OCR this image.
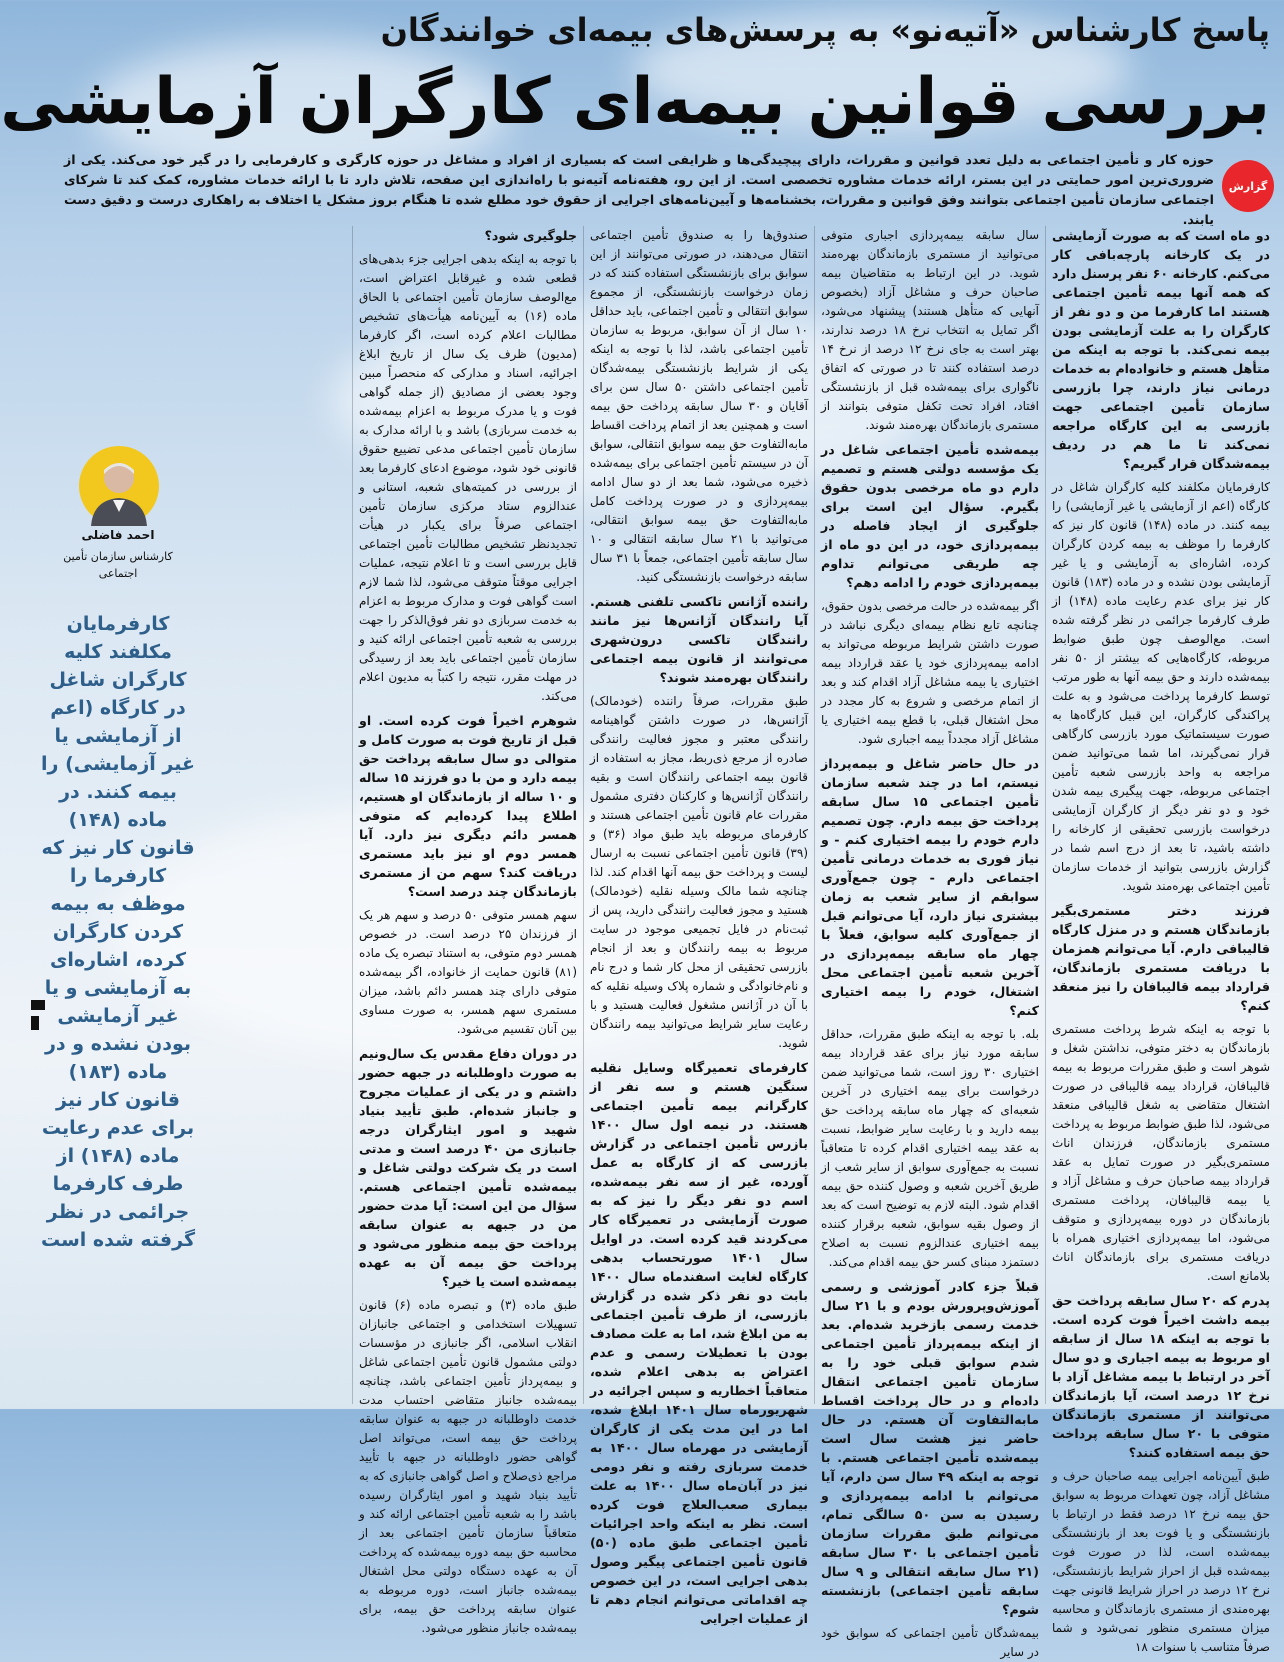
پاسخ کارشناس «آتیه‌نو» به پرسش‌های بیمه‌ای خوانندگان
بررسی قوانین بیمه‌ای کارگران آزمایشی
گزارش
حوزه کار و تأمین اجتماعی به دلیل تعدد قوانین و مقررات، دارای پیچیدگی‌ها و ظرایفی است که بسیاری از افراد و مشاغل در حوزه کارگری و کارفرمایی را در گیر خود می‌کند. یکی از ضروری‌ترین امور حمایتی در این بستر، ارائه خدمات مشاوره تخصصی است. از این رو، هفته‌نامه آتیه‌نو با راه‌اندازی این صفحه، تلاش دارد تا با ارائه خدمات مشاوره، کمک کند تا شرکای اجتماعی سازمان تأمین اجتماعی بتوانند وفق قوانین و مقررات، بخشنامه‌ها و آیین‌نامه‌های اجرایی از حقوق خود مطلع شده تا هنگام بروز مشکل یا اختلاف به راهکاری درست و دقیق دست یابند.

دو ماه است که به صورت آزمایشی در یک کارخانه پارچه‌بافی کار می‌کنم. کارخانه ۶۰ نفر پرسنل دارد که همه آنها بیمه تأمین اجتماعی هستند اما کارفرما من و دو نفر از کارگران را به علت آزمایشی بودن بیمه نمی‌کند. با توجه به اینکه من متأهل هستم و خانواده‌ام به خدمات درمانی نیاز دارند، چرا بازرسی سازمان تأمین اجتماعی جهت بازرسی به این کارگاه مراجعه نمی‌کند تا ما هم در ردیف بیمه‌شدگان قرار گیریم؟

کارفرمایان مکلفند کلیه کارگران شاغل در کارگاه (اعم از آزمایشی یا غیر آزمایشی) را بیمه کنند. در ماده (۱۴۸) قانون کار نیز که کارفرما را موظف به بیمه کردن کارگران کرده، اشاره‌ای به آزمایشی و یا غیر آزمایشی بودن نشده و در ماده (۱۸۳) قانون کار نیز برای عدم رعایت ماده (۱۴۸) از طرف کارفرما جرائمی در نظر گرفته شده است. مع‌الوصف چون طبق ضوابط مربوطه، کارگاه‌هایی که بیشتر از ۵۰ نفر بیمه‌شده دارند و حق بیمه آنها به طور مرتب توسط کارفرما پرداخت می‌شود و به علت پراکندگی کارگران، این قبیل کارگاه‌ها به صورت سیستماتیک مورد بازرسی کارگاهی قرار نمی‌گیرند، اما شما می‌توانید ضمن مراجعه به واحد بازرسی شعبه تأمین اجتماعی مربوطه، جهت پیگیری بیمه شدن خود و دو نفر دیگر از کارگران آزمایشی درخواست بازرسی تحقیقی از کارخانه را داشته باشید، تا بعد از درج اسم شما در گزارش بازرسی بتوانید از خدمات سازمان تأمین اجتماعی بهره‌مند شوید.

فرزند دختر مستمری‌بگیر بازماندگان هستم و در منزل کارگاه قالیبافی دارم. آیا می‌توانم همزمان با دریافت مستمری بازماندگان، قرارداد بیمه قالیبافان را نیز منعقد کنم؟

با توجه به اینکه شرط پرداخت مستمری بازماندگان به دختر متوفی، نداشتن شغل و شوهر است و طبق مقررات مربوط به بیمه قالیبافان، قرارداد بیمه قالیبافی در صورت اشتغال متقاضی به شغل قالیبافی منعقد می‌شود، لذا طبق ضوابط مربوط به پرداخت مستمری بازماندگان، فرزندان اناث مستمری‌بگیر در صورت تمایل به عقد قرارداد بیمه صاحبان حرف و مشاغل آزاد و یا بیمه قالیبافان، پرداخت مستمری بازماندگان در دوره بیمه‌پردازی و متوقف می‌شود، اما بیمه‌پردازی اختیاری همراه با دریافت مستمری برای بازماندگان اناث بلامانع است.

پدرم که ۲۰ سال سابقه پرداخت حق بیمه داشت اخیراً فوت کرده است. با توجه به اینکه ۱۸ سال از سابقه او مربوط به بیمه اجباری و دو سال آخر در ارتباط با بیمه مشاغل آزاد با نرخ ۱۲ درصد است، آیا بازماندگان می‌توانند از مستمری بازماندگان متوفی با ۲۰ سال سابقه پرداخت حق بیمه استفاده کنند؟

طبق آیین‌نامه اجرایی بیمه صاحبان حرف و مشاغل آزاد، چون تعهدات مربوط به سوابق حق بیمه نرخ ۱۲ درصد فقط در ارتباط با بازنشستگی و یا فوت بعد از بازنشستگی بیمه‌شده است، لذا در صورت فوت بیمه‌شده قبل از احراز شرایط بازنشستگی، نرخ ۱۲ درصد در احراز شرایط قانونی جهت بهره‌مندی از مستمری بازماندگان و محاسبه میزان مستمری منظور نمی‌شود و شما صرفاً متناسب با سنوات ۱۸

سال سابقه بیمه‌پردازی اجباری متوفی می‌توانید از مستمری بازماندگان بهره‌مند شوید. در این ارتباط به متقاضیان بیمه صاحبان حرف و مشاغل آزاد (بخصوص آنهایی که متأهل هستند) پیشنهاد می‌شود، اگر تمایل به انتخاب نرخ ۱۸ درصد ندارند، بهتر است به جای نرخ ۱۲ درصد از نرخ ۱۴ درصد استفاده کنند تا در صورتی که اتفاق ناگواری برای بیمه‌شده قبل از بازنشستگی افتاد، افراد تحت تکفل متوفی بتوانند از مستمری بازماندگان بهره‌مند شوند.

بیمه‌شده تأمین اجتماعی شاغل در یک مؤسسه دولتی هستم و تصمیم دارم دو ماه مرخصی بدون حقوق بگیرم. سؤال این است برای جلوگیری از ایجاد فاصله در بیمه‌پردازی خود، در این دو ماه از چه طریقی می‌توانم تداوم بیمه‌پردازی خودم را ادامه دهم؟

اگر بیمه‌شده در حالت مرخصی بدون حقوق، چنانچه تابع نظام بیمه‌ای دیگری نباشد در صورت داشتن شرایط مربوطه می‌تواند به ادامه بیمه‌پردازی خود یا عقد قرارداد بیمه اختیاری یا بیمه مشاغل آزاد اقدام کند و بعد از اتمام مرخصی و شروع به کار مجدد در محل اشتغال قبلی، با قطع بیمه اختیاری یا مشاغل آزاد مجدداً بیمه اجباری شود.

در حال حاضر شاغل و بیمه‌پرداز نیستم، اما در چند شعبه سازمان تأمین اجتماعی ۱۵ سال سابقه پرداخت حق بیمه دارم. چون تصمیم دارم خودم را بیمه اختیاری کنم - و نیاز فوری به خدمات درمانی تأمین اجتماعی دارم - چون جمع‌آوری سوابقم از سایر شعب به زمان بیشتری نیاز دارد، آیا می‌توانم قبل از جمع‌آوری کلیه سوابق، فعلاً با چهار ماه سابقه بیمه‌پردازی در آخرین شعبه تأمین اجتماعی محل اشتغال، خودم را بیمه اختیاری کنم؟

بله. با توجه به اینکه طبق مقررات، حداقل سابقه مورد نیاز برای عقد قرارداد بیمه اختیاری ۳۰ روز است، شما می‌توانید ضمن درخواست برای بیمه اختیاری در آخرین شعبه‌ای که چهار ماه سابقه پرداخت حق بیمه دارید و با رعایت سایر ضوابط، نسبت به عقد بیمه اختیاری اقدام کرده تا متعاقباً نسبت به جمع‌آوری سوابق از سایر شعب از طریق آخرین شعبه و وصول کننده حق بیمه اقدام شود. البته لازم به توضیح است که بعد از وصول بقیه سوابق، شعبه برقرار کننده بیمه اختیاری عندالزوم نسبت به اصلاح دستمزد مبنای کسر حق بیمه اقدام می‌کند.

قبلاً جزء کادر آموزشی و رسمی آموزش‌وپرورش بودم و با ۲۱ سال خدمت رسمی بازخرید شده‌ام. بعد از اینکه بیمه‌پرداز تأمین اجتماعی شدم سوابق قبلی خود را به سازمان تأمین اجتماعی انتقال داده‌ام و در حال پرداخت اقساط مابه‌التفاوت آن هستم. در حال حاضر نیز هشت سال است بیمه‌شده تأمین اجتماعی هستم. با توجه به اینکه ۴۹ سال سن دارم، آیا می‌توانم با ادامه بیمه‌پردازی و رسیدن به سن ۵۰ سالگی تمام، می‌توانم طبق مقررات سازمان تأمین اجتماعی با ۳۰ سال سابقه (۲۱ سال سابقه انتقالی و ۹ سال سابقه تأمین اجتماعی) بازنشسته شوم؟

بیمه‌شدگان تأمین اجتماعی که سوابق خود در سایر

صندوق‌ها را به صندوق تأمین اجتماعی انتقال می‌دهند، در صورتی می‌توانند از این سوابق برای بازنشستگی استفاده کنند که در زمان درخواست بازنشستگی، از مجموع سوابق انتقالی و تأمین اجتماعی، باید حداقل ۱۰ سال از آن سوابق، مربوط به سازمان تأمین اجتماعی باشد، لذا با توجه به اینکه یکی از شرایط بازنشستگی بیمه‌شدگان تأمین اجتماعی داشتن ۵۰ سال سن برای آقایان و ۳۰ سال سابقه پرداخت حق بیمه است و همچنین بعد از اتمام پرداخت اقساط مابه‌التفاوت حق بیمه سوابق انتقالی، سوابق آن در سیستم تأمین اجتماعی برای بیمه‌شده ذخیره می‌شود، شما بعد از دو سال ادامه بیمه‌پردازی و در صورت پرداخت کامل مابه‌التفاوت حق بیمه سوابق انتقالی، می‌توانید با ۲۱ سال سابقه انتقالی و ۱۰ سال سابقه تأمین اجتماعی، جمعاً با ۳۱ سال سابقه درخواست بازنشستگی کنید.

راننده آژانس تاکسی تلفنی هستم. آیا رانندگان آژانس‌ها نیز مانند رانندگان تاکسی درون‌شهری می‌توانند از قانون بیمه اجتماعی رانندگان بهره‌مند شوند؟

طبق مقررات، صرفاً راننده (خودمالک) آژانس‌ها، در صورت داشتن گواهینامه رانندگی معتبر و مجوز فعالیت رانندگی صادره از مرجع ذی‌ربط، مجاز به استفاده از قانون بیمه اجتماعی رانندگان است و بقیه رانندگان آژانس‌ها و کارکنان دفتری مشمول مقررات عام قانون تأمین اجتماعی هستند و کارفرمای مربوطه باید طبق مواد (۳۶) و (۳۹) قانون تأمین اجتماعی نسبت به ارسال لیست و پرداخت حق بیمه آنها اقدام کند. لذا چنانچه شما مالک وسیله نقلیه (خودمالک) هستید و مجوز فعالیت رانندگی دارید، پس از ثبت‌نام در فایل تجمیعی موجود در سایت مربوط به بیمه رانندگان و بعد از انجام بازرسی تحقیقی از محل کار شما و درج نام و نام‌خانوادگی و شماره پلاک وسیله نقلیه که با آن در آژانس مشغول فعالیت هستید و با رعایت سایر شرایط می‌توانید بیمه رانندگان شوید.

کارفرمای تعمیرگاه وسایل نقلیه سنگین هستم و سه نفر از کارگرانم بیمه تأمین اجتماعی هستند. در نیمه اول سال ۱۴۰۰ بازرس تأمین اجتماعی در گزارش بازرسی که از کارگاه به عمل آورده، غیر از سه نفر بیمه‌شده، اسم دو نفر دیگر را نیز که به صورت آزمایشی در تعمیرگاه کار می‌کردند قید کرده است. در اوایل سال ۱۴۰۱ صورتحساب بدهی کارگاه لغایت اسفندماه سال ۱۴۰۰ بابت دو نفر ذکر شده در گزارش بازرسی، از طرف تأمین اجتماعی به من ابلاغ شد، اما به علت مصادف بودن با تعطیلات رسمی و عدم اعتراض به بدهی اعلام شده، متعاقباً اخطاریه و سپس اجرائیه در شهریورماه سال ۱۴۰۱ ابلاغ شده، اما در این مدت یکی از کارگران آزمایشی در مهرماه سال ۱۴۰۰ به خدمت سربازی رفته و نفر دومی نیز در آبان‌ماه سال ۱۴۰۰ به علت بیماری صعب‌العلاج فوت کرده است. نظر به اینکه واحد اجرائیات تأمین اجتماعی طبق ماده (۵۰) قانون تأمین اجتماعی پیگیر وصول بدهی اجرایی است، در این خصوص چه اقداماتی می‌توانم انجام دهم تا از عملیات اجرایی

جلوگیری شود؟

با توجه به اینکه بدهی اجرایی جزء بدهی‌های قطعی شده و غیرقابل اعتراض است، مع‌الوصف سازمان تأمین اجتماعی با الحاق ماده (۱۶) به آیین‌نامه هیأت‌های تشخیص مطالبات اعلام کرده است، اگر کارفرما (مدیون) ظرف یک سال از تاریخ ابلاغ اجرائیه، اسناد و مدارکی که منحصراً مبین وجود بعضی از مصادیق (از جمله گواهی فوت و یا مدرک مربوط به اعزام بیمه‌شده به خدمت سربازی) باشد و با ارائه مدارک به سازمان تأمین اجتماعی مدعی تضییع حقوق قانونی خود شود، موضوع ادعای کارفرما بعد از بررسی در کمیته‌های شعبه، استانی و عندالزوم ستاد مرکزی سازمان تأمین اجتماعی صرفاً برای یکبار در هیأت تجدیدنظر تشخیص مطالبات تأمین اجتماعی قابل بررسی است و تا اعلام نتیجه، عملیات اجرایی موقتاً متوقف می‌شود، لذا شما لازم است گواهی فوت و مدارک مربوط به اعزام به خدمت سربازی دو نفر فوق‌الذکر را جهت بررسی به شعبه تأمین اجتماعی ارائه کنید و سازمان تأمین اجتماعی باید بعد از رسیدگی در مهلت مقرر، نتیجه را کتباً به مدیون اعلام می‌کند.

شوهرم اخیراً فوت کرده است. او قبل از تاریخ فوت به صورت کامل و متوالی دو سال سابقه پرداخت حق بیمه دارد و من با دو فرزند ۱۵ ساله و ۱۰ ساله از بازماندگان او هستیم، اطلاع پیدا کرده‌ایم که متوفی همسر دائم دیگری نیز دارد. آیا همسر دوم او نیز باید مستمری دریافت کند؟ سهم من از مستمری بازماندگان چند درصد است؟

سهم همسر متوفی ۵۰ درصد و سهم هر یک از فرزندان ۲۵ درصد است. در خصوص همسر دوم متوفی، به استناد تبصره یک ماده (۸۱) قانون حمایت از خانواده، اگر بیمه‌شده متوفی دارای چند همسر دائم باشد، میزان مستمری سهم همسر، به صورت مساوی بین آنان تقسیم می‌شود.

در دوران دفاع مقدس یک سال‌ونیم به صورت داوطلبانه در جبهه حضور داشتم و در یکی از عملیات مجروح و جانباز شده‌ام. طبق تأیید بنیاد شهید و امور ایثارگران درجه جانبازی من ۴۰ درصد است و مدتی است در یک شرکت دولتی شاغل و بیمه‌شده تأمین اجتماعی هستم. سؤال من این است: آیا مدت حضور من در جبهه به عنوان سابقه پرداخت حق بیمه منظور می‌شود و پرداخت حق بیمه آن به عهده بیمه‌شده است یا خیر؟

طبق ماده (۳) و تبصره ماده (۶) قانون تسهیلات استخدامی و اجتماعی جانبازان انقلاب اسلامی، اگر جانبازی در مؤسسات دولتی مشمول قانون تأمین اجتماعی شاغل و بیمه‌پرداز تأمین اجتماعی باشد، چنانچه بیمه‌شده جانباز متقاضی احتساب مدت خدمت داوطلبانه در جبهه به عنوان سابقه پرداخت حق بیمه است، می‌تواند اصل گواهی حضور داوطلبانه در جبهه با تأیید مراجع ذی‌صلاح و اصل گواهی جانبازی که به تأیید بنیاد شهید و امور ایثارگران رسیده باشد را به شعبه تأمین اجتماعی ارائه کند و متعاقباً سازمان تأمین اجتماعی بعد از محاسبه حق بیمه دوره بیمه‌شده که پرداخت آن به عهده دستگاه دولتی محل اشتغال بیمه‌شده جانباز است، دوره مربوطه به عنوان سابقه پرداخت حق بیمه، برای بیمه‌شده جانباز منظور می‌شود.

احمد فاضلی
کارشناس سازمان تأمین اجتماعی
کارفرمایان مکلفند کلیه کارگران شاغل در کارگاه (اعم از آزمایشی یا غیر آزمایشی) را بیمه کنند. در ماده (۱۴۸) قانون کار نیز که کارفرما را موظف به بیمه کردن کارگران کرده، اشاره‌ای به آزمایشی و یا غیر آزمایشی بودن نشده و در ماده (۱۸۳) قانون کار نیز برای عدم رعایت ماده (۱۴۸) از طرف کارفرما جرائمی در نظر گرفته شده است
